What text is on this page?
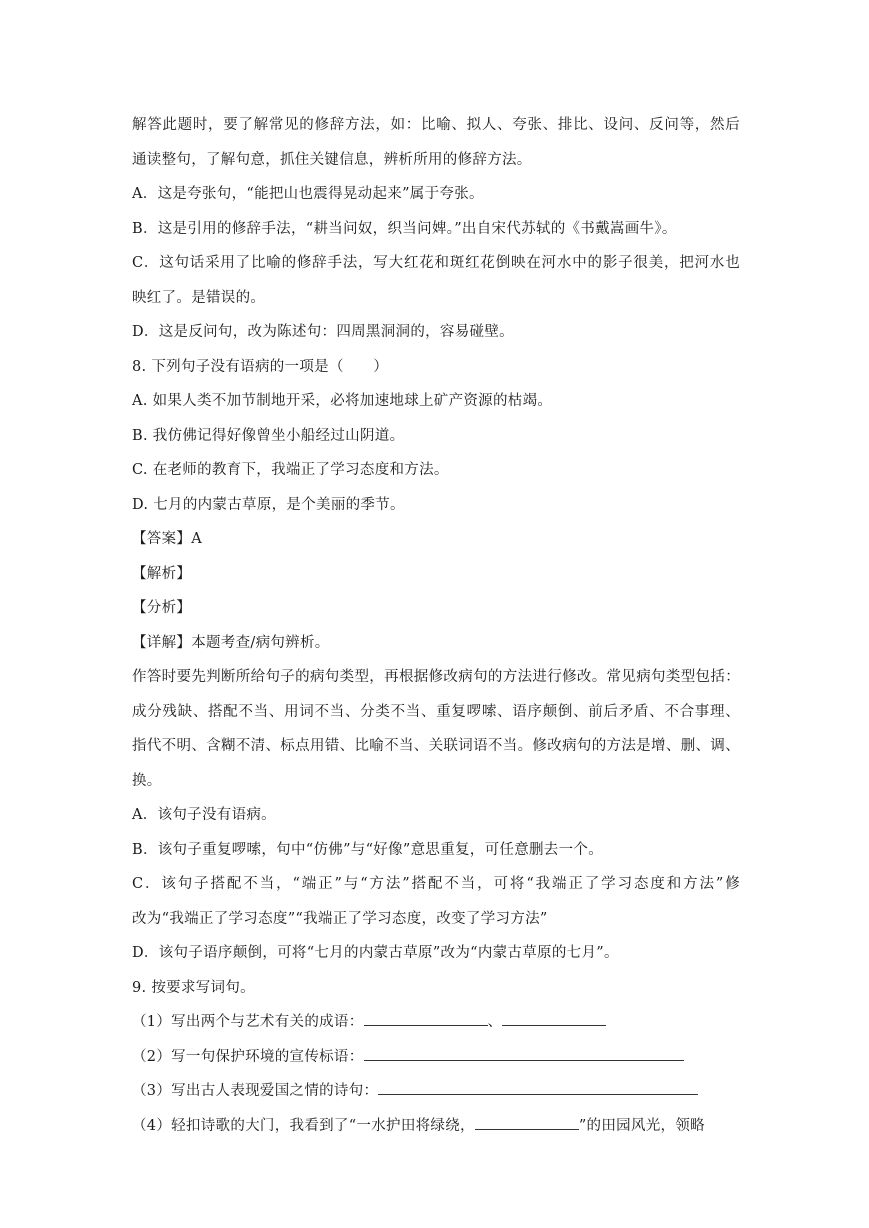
解答此题时，要了解常见的修辞方法，如：比喻、拟人、夸张、排比、设问、反问等，然后
通读整句，了解句意，抓住关键信息，辨析所用的修辞方法。
A．这是夸张句，“能把山也震得晃动起来”属于夸张。
B．这是引用的修辞手法，“耕当问奴，织当问婢。”出自宋代苏轼的《书戴嵩画牛》。
C．这句话采用了比喻的修辞手法，写大红花和斑红花倒映在河水中的影子很美，把河水也
映红了。是错误的。
D．这是反问句，改为陈述句：四周黑洞洞的，容易碰壁。
8. 下列句子没有语病的一项是（　　）
A. 如果人类不加节制地开采，必将加速地球上矿产资源的枯竭。
B. 我仿佛记得好像曾坐小船经过山阴道。
C. 在老师的教育下，我端正了学习态度和方法。
D. 七月的内蒙古草原，是个美丽的季节。
【答案】A
【解析】
【分析】
【详解】本题考查/病句辨析。
作答时要先判断所给句子的病句类型，再根据修改病句的方法进行修改。常见病句类型包括：
成分残缺、搭配不当、用词不当、分类不当、重复啰嗦、语序颠倒、前后矛盾、不合事理、
指代不明、含糊不清、标点用错、比喻不当、关联词语不当。修改病句的方法是增、删、调、
换。
A．该句子没有语病。
B．该句子重复啰嗦，句中“仿佛”与“好像”意思重复，可任意删去一个。
C．该句子搭配不当，“端正”与“方法”搭配不当，可将“我端正了学习态度和方法”修
改为“我端正了学习态度”“我端正了学习态度，改变了学习方法”
D．该句子语序颠倒，可将“七月的内蒙古草原”改为“内蒙古草原的七月”。
9. 按要求写词句。
（1）写出两个与艺术有关的成语：	、
（2）写一句保护环境的宣传标语：
（3）写出古人表现爱国之情的诗句：
（4）轻扣诗歌的大门，我看到了“一水护田将绿绕，	”的田园风光，领略
